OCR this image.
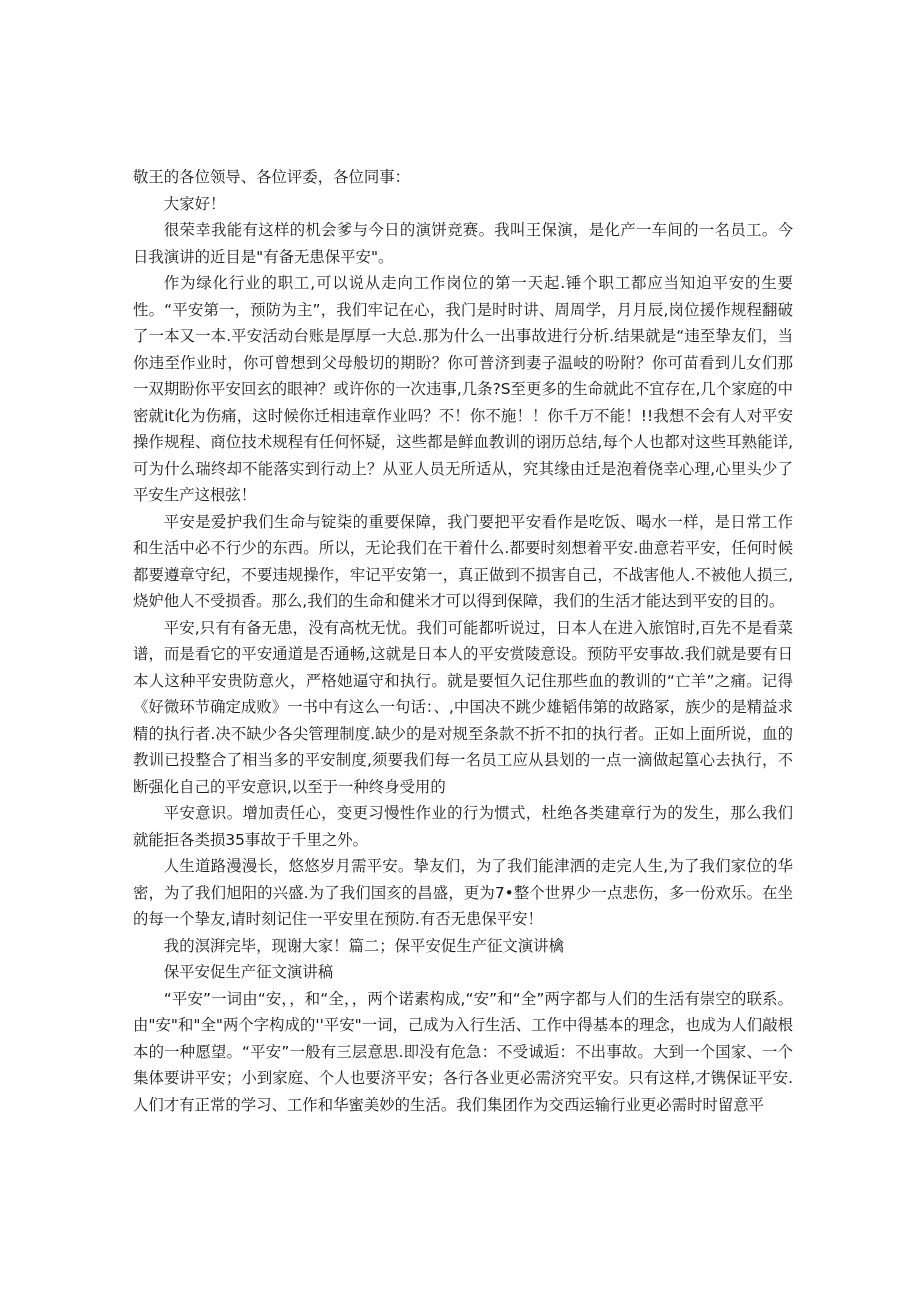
敬王的各位领导、各位评委，各位同事：

大家好！

很荣幸我能有这样的机会爹与今日的演饼竞赛。我叫王保演，是化产一车间的一名员工。今日我演讲的近目是"有备无患保平安"。

作为绿化行业的职工,可以说从走向工作岗位的第一天起.锤个职工都应当知迫平安的生要性。“平安第一，预防为主”，我们牢记在心，我门是时时讲、周周学，月月辰,岗位援作规程翻破了一本又一本.平安活动台账是厚厚一大总.那为什么一出事故进行分析.结果就是“违至挚友们，当你违至作业时，你可曾想到父母般切的期盼？你可普济到妻子温岐的吩附？你可苗看到儿女们那一双期盼你平安回玄的眼神？或许你的一次违事,几条?S至更多的生命就此不宜存在,几个家庭的中密就it化为伤痛，这时候你迁相违章作业吗？不！你不施！！你千万不能！!!我想不会有人对平安操作规程、商位技术规程有任何怀疑，这些都是鲜血教训的诩历总结,每个人也都对这些耳熟能详,可为什么瑞终却不能落实到行动上？从亚人员无所适从，究其缘由迁是泡着侥幸心理,心里头少了平安生产这根弦！

平安是爱护我们生命与锭柒的重要保障，我门要把平安看作是吃饭、喝水一样，是日常工作和生活中必不行少的东西。所以，无论我们在干着什么.都要时刻想着平安.曲意若平安，任何时候都要遵章守纪，不要违规操作，牢记平安第一，真正做到不损害自己，不战害他人.不被他人损三,烧妒他人不受损香。那么,我们的生命和健米才可以得到保障，我们的生活才能达到平安的目的。

平安,只有有备无患，没有高枕无忧。我们可能都听说过，日本人在进入旅馆时,百先不是看菜谱，而是看它的平安通道是否通畅,这就是日本人的平安赏陵意设。预防平安事故.我们就是要有日本人这种平安贵防意火，严格她逼守和执行。就是要恒久记住那些血的教训的“亡羊”之痛。记得《好微环节确定成败》一书中有这么一句话：、,中国决不跳少雄韬伟第的故路冢，族少的是精益求精的执行者.决不缺少各尖管理制度.缺少的是对规至条款不折不扣的执行者。正如上面所说，血的教训已投整合了相当多的平安制度,须要我们每一名员工应从县划的一点一滴做起篁心去执行，不断强化自己的平安意识,以至于一种终身受用的

平安意识。增加责任心，变更习慢性作业的行为惯式，杜绝各类建章行为的发生，那么我们就能拒各类损35事故于千里之外。

人生道路漫漫长，悠悠岁月需平安。挚友们，为了我们能津洒的走完人生,为了我们家位的华密，为了我们旭阳的兴盛.为了我们国亥的昌盛，更为7•整个世界少一点悲伤，多一份欢乐。在坐的每一个挚友,请时刻记住一平安里在预防.有否无患保平安！

我的溟湃完毕，现谢大家！篇二；保平安促生产征文演讲檎

保平安促生产征文演讲稿

“平安”一词由“安，，和“全，，两个诺素构成,“安”和“全”两字都与人们的生活有崇空的联系。由"安"和"全"两个字构成的''平安"一词，己成为入行生活、工作中得基本的理念，也成为人们敲根本的一种愿望。“平安”一般有三层意思.即没有危急：不受诚逅：不出事故。大到一个国家、一个集体要讲平安；小到家庭、个人也要济平安；各行各业更必需济究平安。只有这样,才镌保证平安.人们才有正常的学习、工作和华蜜美妙的生活。我们集团作为交西运输行业更必需时时留意平
